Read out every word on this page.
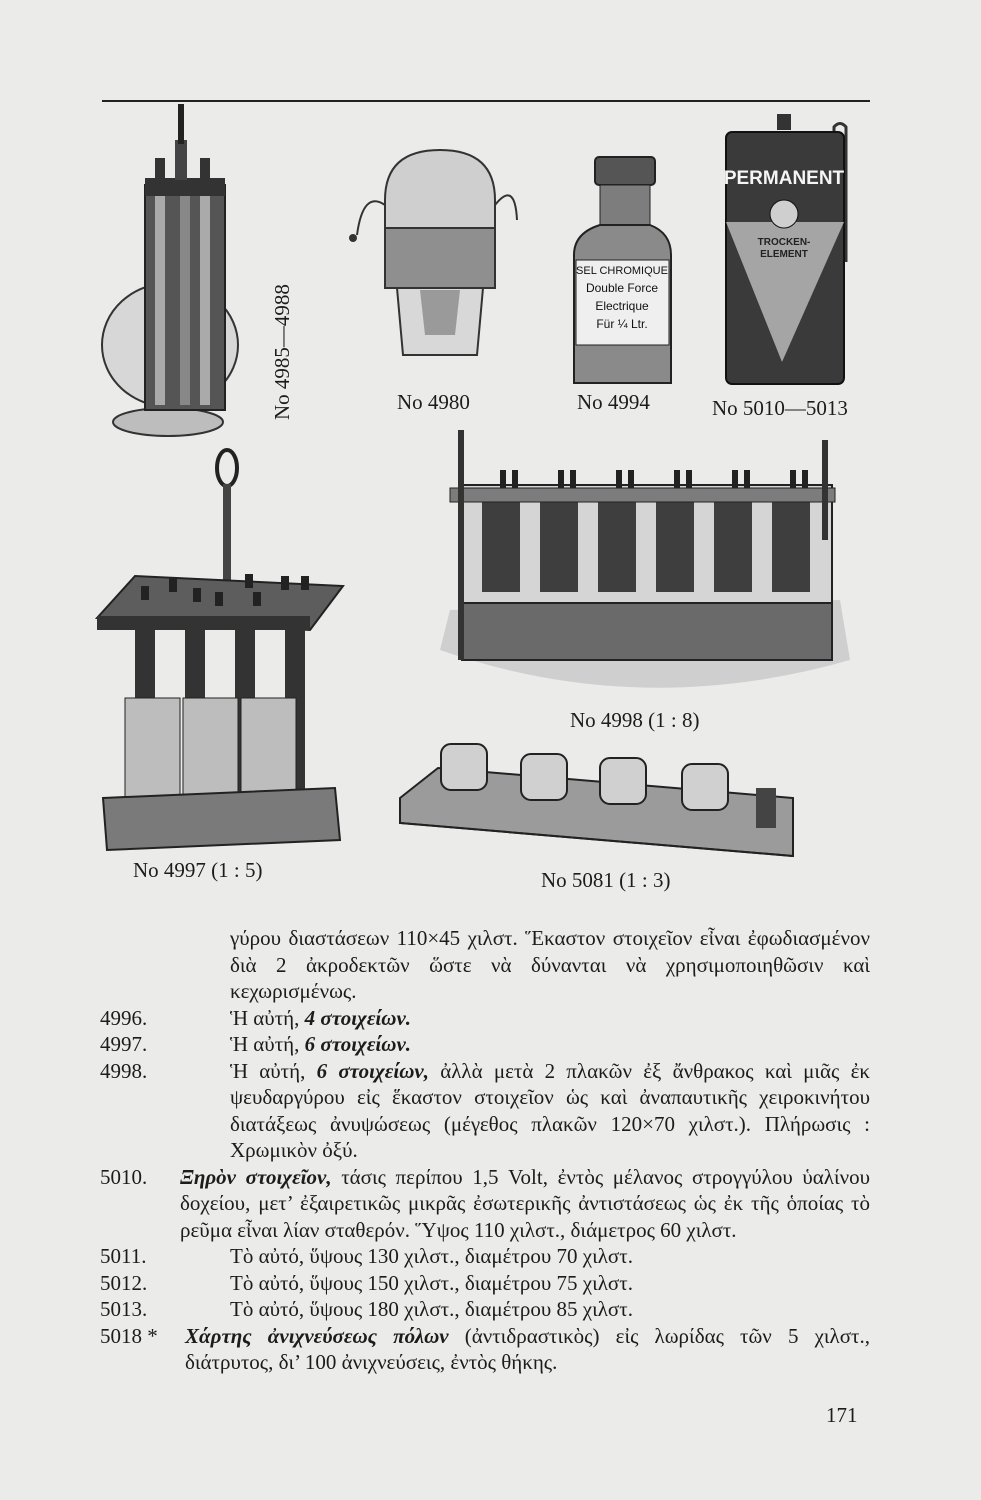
No 4985—4988	No 4980
SEL CHROMIQUE
Double Force
Electrique
Für ¼ Ltr.
No 4994
PERMANENT
TROCKEN-
ELEMENT
No 5010—5013
No 4998 (1 : 8)
No 4997 (1 : 5)	No 5081 (1 : 3)
γύρου διαστάσεων 110×45 χιλστ. Ἕκαστον στοιχεῖον εἶναι ἐφωδιασμένον διὰ 2 ἀκροδεκτῶν ὥστε νὰ δύνανται νὰ χρησιμοποιηθῶσιν καὶ κεχωρισμένως.
4996.	Ἡ αὐτή, 4 στοιχείων.
4997.	Ἡ αὐτή, 6 στοιχείων.
4998.	Ἡ αὐτή, 6 στοιχείων, ἀλλὰ μετὰ 2 πλακῶν ἐξ ἄνθρακος καὶ μιᾶς ἐκ ψευδαργύρου εἰς ἕκαστον στοιχεῖον ὡς καὶ ἀναπαυτικῆς χειροκινήτου διατάξεως ἀνυψώσεως (μέγεθος πλακῶν 120×70 χιλστ.). Πλήρωσις : Χρωμικὸν ὀξύ.
5010.	Ξηρὸν στοιχεῖον, τάσις περίπου 1,5 Volt, ἐντὸς μέλανος στρογγύλου ὑαλίνου δοχείου, μετ’ ἐξαιρετικῶς μικρᾶς ἐσωτερικῆς ἀντιστάσεως ὡς ἐκ τῆς ὁποίας τὸ ρεῦμα εἶναι λίαν σταθερόν. Ὕψος 110 χιλστ., διάμετρος 60 χιλστ.
5011.	Τὸ αὐτό, ὕψους 130 χιλστ., διαμέτρου 70 χιλστ.
5012.	Τὸ αὐτό, ὕψους 150 χιλστ., διαμέτρου 75 χιλστ.
5013.	Τὸ αὐτό, ὕψους 180 χιλστ., διαμέτρου 85 χιλστ.
5018 *	Χάρτης ἀνιχνεύσεως πόλων (ἀντιδραστικὸς) εἰς λωρίδας τῶν 5 χιλστ., διάτρυτος, δι’ 100 ἀνιχνεύσεις, ἐντὸς θήκης.
171
